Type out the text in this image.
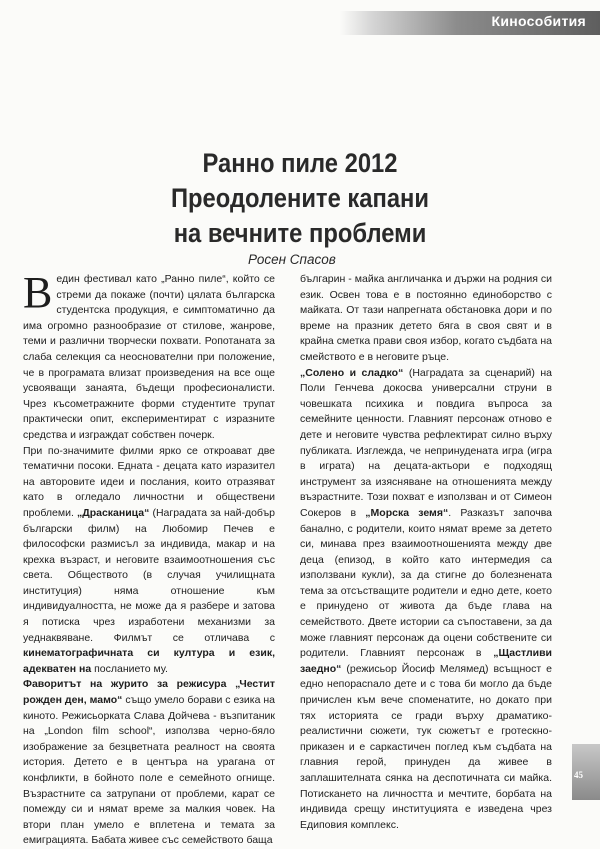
Кинособития
Ранно пиле 2012
Преодолените капани
на вечните проблеми
Росен Спасов

Ведин фестивал като „Ранно пиле“, който се стреми да покаже (почти) цялата българска студентска продукция, е симптоматично да има огромно разнообразие от стилове, жанрове, теми и различни творчески похвати. Ропотаната за слаба селекция са неоснователни при положение, че в програмата влизат произведения на все още усвояващи занаята, бъдещи професионалисти. Чрез късометражните форми студентите трупат практически опит, експериментират с изразните средства и изграждат собствен почерк.

При по-значимите филми ярко се откроават две тематични посоки. Едната - децата като изразител на авторовите идеи и послания, които отразяват като в огледало личностни и обществени проблеми. „Драсканица“ (Наградата за най-добър български филм) на Любомир Печев е философски размисъл за индивида, макар и на крехка възраст, и неговите взаимоотношения със света. Обществото (в случая училищната институция) няма отношение към индивидуалността, не може да я разбере и затова я потиска чрез изработени механизми за уеднаквяване. Филмът се отличава с кинематографичната си култура и език, адекватен на посланието му.

Фаворитът на журито за режисура „Честит рожден ден, мамо“ също умело борави с езика на киното. Режисьорката Слава Дойчева - възпитаник на „London film school“, използва черно-бяло изображение за безцветната реалност на своята история. Детето е в центъра на урагана от конфликти, в бойното поле е семейното огнище. Възрастните са затрупани от проблеми, карат се помежду си и нямат време за малкия човек. На втори план умело е вплетена и темата за емиграцията. Бабата живее със семейството баща

българин - майка англичанка и държи на родния си език. Освен това е в постоянно единоборство с майката. От тази напрегната обстановка дори и по време на празник детето бяга в своя свят и в крайна сметка прави своя избор, когато съдбата на смейството е в неговите ръце.

„Солено и сладко“ (Наградата за сценарий) на Поли Генчева докосва универсални струни в човешката психика и повдига въпроса за семейните ценности. Главният персонаж отново е дете и неговите чувства рефлектират силно върху публиката. Изглежда, че непринудената игра (игра в играта) на децата-актьори е подходящ инструмент за изясняване на отношенията между възрастните. Този похват е използван и от Симеон Сокеров в „Морска земя“. Разказът започва банално, с родители, които нямат време за детето си, минава през взаимоотношенията между две деца (епизод, в който като интермедия са използвани кукли), за да стигне до болезнената тема за отсъстващите родители и едно дете, което е принудено от живота да бъде глава на семейството. Двете истории са съпоставени, за да може главният персонаж да оцени собствените си родители. Главният персонаж в „Щастливи заедно“ (режисьор Йосиф Мелямед) всъщност е едно непорасnало дете и с това би могло да бъде причислен към вече споменатите, но докато при тях историята се гради върху драматико-реалистични сюжети, тук сюжетът е гротескно-приказен и е саркастичен поглед към съдбата на главния герой, принуден да живее в заплашителната сянка на деспотичната си майка. Потискането на личността и мечтите, борбата на индивида срещу институцията е изведена чрез Едиповия комплекс.

45
